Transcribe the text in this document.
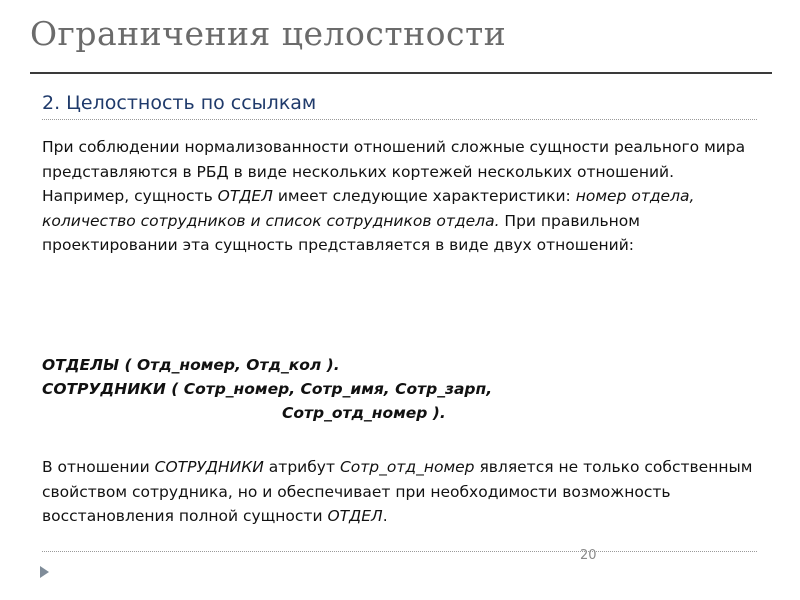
Ограничения целостности
2. Целостность по ссылкам
При соблюдении нормализованности отношений сложные сущности реального мира представляются в РБД в виде нескольких кортежей нескольких отношений. Например, сущность ОТДЕЛ имеет следующие характеристики: номер отдела, количество сотрудников и список сотрудников отдела. При правильном проектировании эта сущность представляется в виде двух отношений:
ОТДЕЛЫ ( Отд_номер, Отд_кол ).
СОТРУДНИКИ ( Сотр_номер, Сотр_имя, Сотр_зарп,
Сотр_отд_номер ).
В отношении СОТРУДНИКИ атрибут Сотр_отд_номер является не только собственным свойством сотрудника, но и обеспечивает при необходимости возможность восстановления полной сущности ОТДЕЛ.
20
